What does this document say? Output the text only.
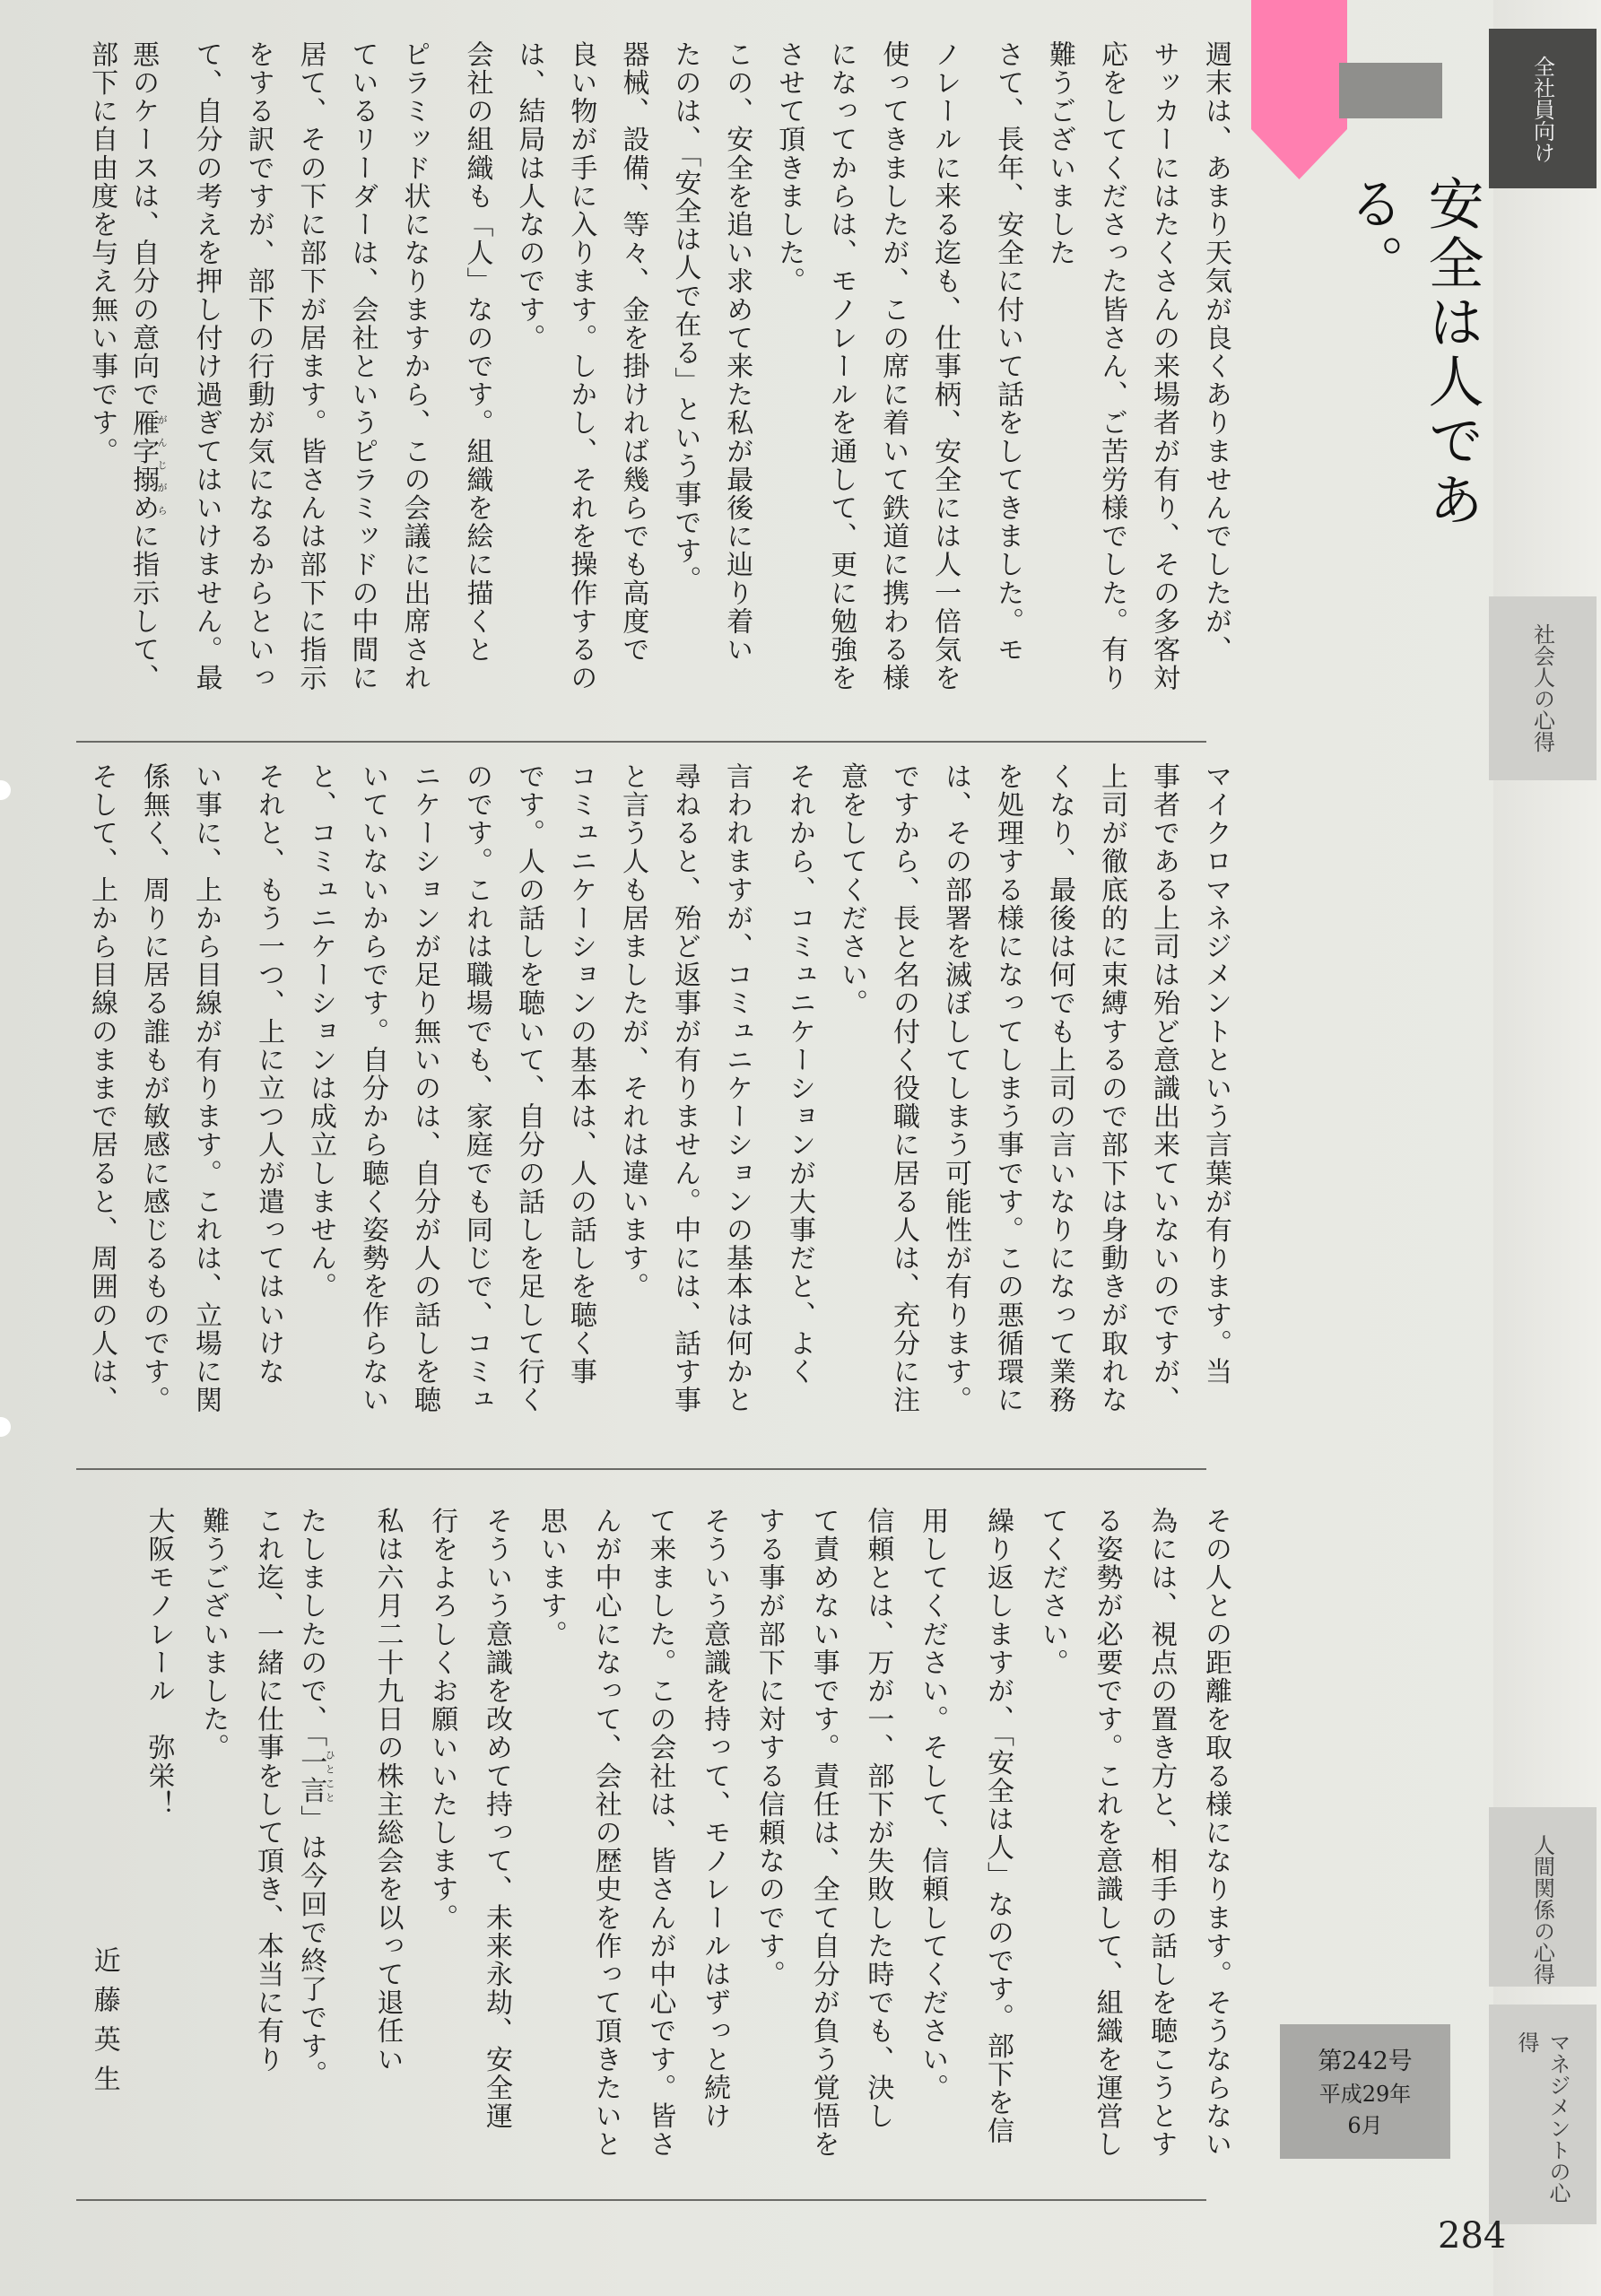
安全は人である。
全社員向け
社会人の心得
人間関係の心得
マネジメントの心得
第242号
平成29年
6月
週末は、あまり天気が良くありませんでしたが、
サッカーにはたくさんの来場者が有り、その多客対
応をしてくださった皆さん、ご苦労様でした。有り
難うございました
さて、長年、安全に付いて話をしてきました。モ
ノレールに来る迄も、仕事柄、安全には人一倍気を
使ってきましたが、この席に着いて鉄道に携わる様
になってからは、モノレールを通して、更に勉強を
させて頂きました。
この、安全を追い求めて来た私が最後に辿り着い
たのは、「安全は人で在る」という事です。
器械、設備、等々、金を掛ければ幾らでも高度で
良い物が手に入ります。しかし、それを操作するの
は、結局は人なのです。
会社の組織も「人」なのです。組織を絵に描くと
ピラミッド状になりますから、この会議に出席され
ているリーダーは、会社というピラミッドの中間に
居て、その下に部下が居ます。皆さんは部下に指示
をする訳ですが、部下の行動が気になるからといっ
て、自分の考えを押し付け過ぎてはいけません。最
悪のケースは、自分の意向で雁字搦めがんじがらに指示して、
部下に自由度を与え無い事です。
マイクロマネジメントという言葉が有ります。当
事者である上司は殆ど意識出来ていないのですが、
上司が徹底的に束縛するので部下は身動きが取れな
くなり、最後は何でも上司の言いなりになって業務
を処理する様になってしまう事です。この悪循環に
は、その部署を滅ぼしてしまう可能性が有ります。
ですから、長と名の付く役職に居る人は、充分に注
意をしてください。
それから、コミュニケーションが大事だと、よく
言われますが、コミュニケーションの基本は何かと
尋ねると、殆ど返事が有りません。中には、話す事
と言う人も居ましたが、それは違います。
コミュニケーションの基本は、人の話しを聴く事
です。人の話しを聴いて、自分の話しを足して行く
のです。これは職場でも、家庭でも同じで、コミュ
ニケーションが足り無いのは、自分が人の話しを聴
いていないからです。自分から聴く姿勢を作らない
と、コミュニケーションは成立しません。
それと、もう一つ、上に立つ人が遣ってはいけな
い事に、上から目線が有ります。これは、立場に関
係無く、周りに居る誰もが敏感に感じるものです。
そして、上から目線のままで居ると、周囲の人は、
その人との距離を取る様になります。そうならない
為には、視点の置き方と、相手の話しを聴こうとす
る姿勢が必要です。これを意識して、組織を運営し
てください。
繰り返しますが、「安全は人」なのです。部下を信
用してください。そして、信頼してください。
信頼とは、万が一、部下が失敗した時でも、決し
て責めない事です。責任は、全て自分が負う覚悟を
する事が部下に対する信頼なのです。
そういう意識を持って、モノレールはずっと続け
て来ました。この会社は、皆さんが中心です。皆さ
んが中心になって、会社の歴史を作って頂きたいと
思います。
そういう意識を改めて持って、未来永劫、安全運
行をよろしくお願いいたします。
私は六月二十九日の株主総会を以って退任い
たしましたので、「一言ひとこと」は今回で終了です。
これ迄、一緒に仕事をして頂き、本当に有り
難うございました。
大阪モノレール　弥栄！
近藤英生
284
